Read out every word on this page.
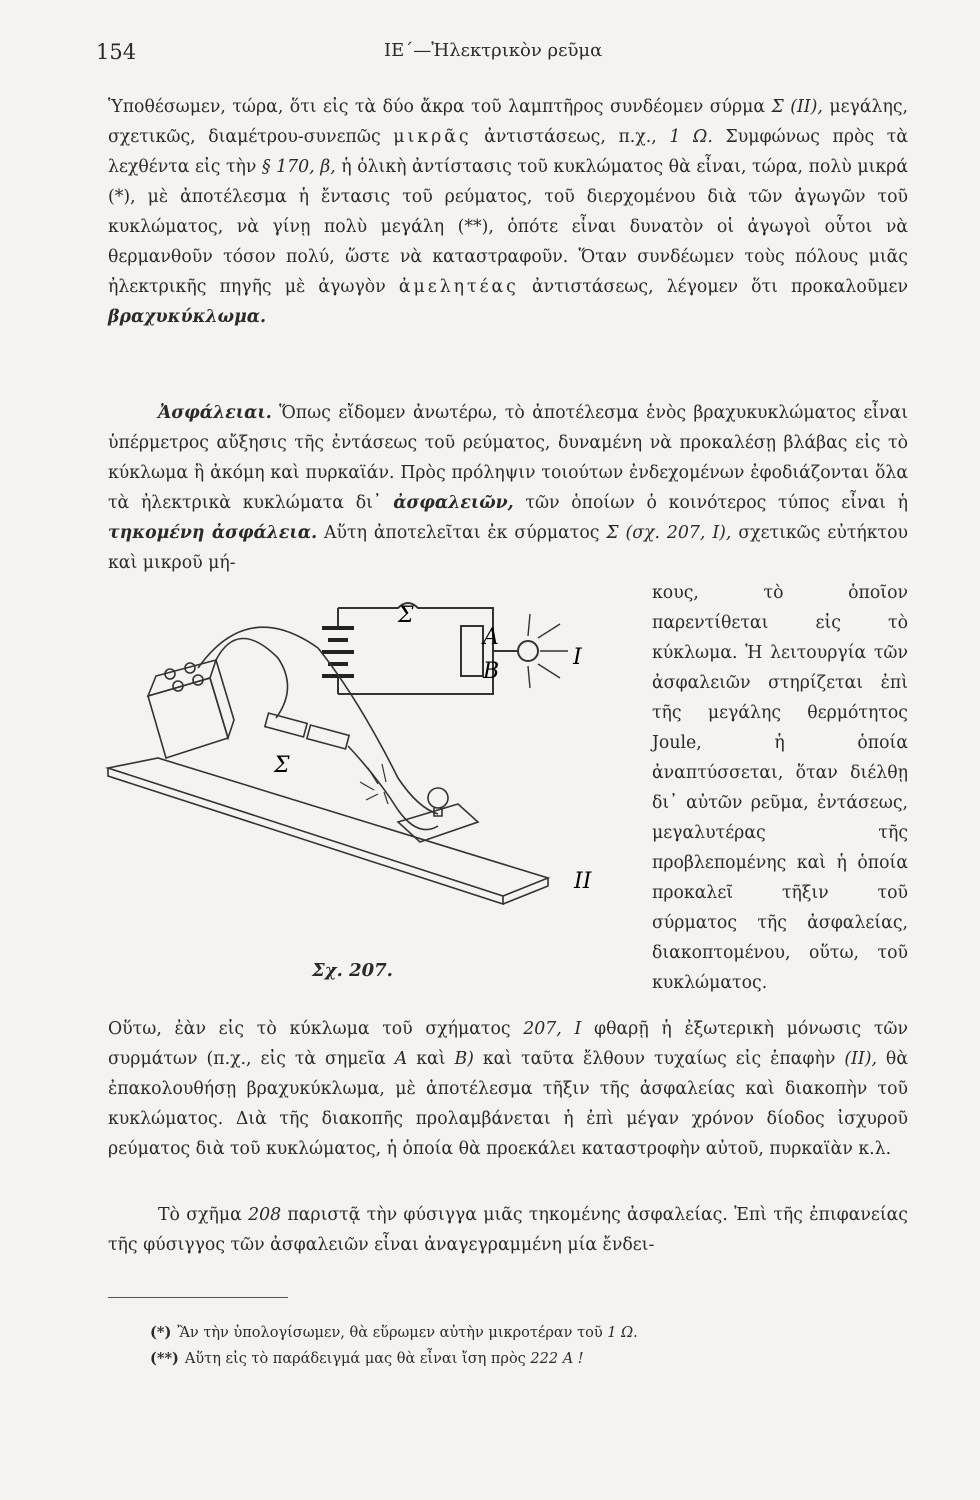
154	ΙΕ΄—Ἠλεκτρικὸν ρεῦμα

Ὑποθέσωμεν, τώρα, ὅτι εἰς τὰ δύο ἄκρα τοῦ λαμπτῆρος συνδέομεν σύρμα Σ (ΙΙ), μεγάλης, σχετικῶς, διαμέτρου-συνεπῶς μικρᾶς ἀντιστάσεως, π.χ., 1 Ω. Συμφώνως πρὸς τὰ λεχθέντα εἰς τὴν § 170, β, ἡ ὁλικὴ ἀντίστασις τοῦ κυκλώματος θὰ εἶναι, τώρα, πολὺ μικρά (*), μὲ ἀποτέλεσμα ἡ ἔντασις τοῦ ρεύματος, τοῦ διερχομένου διὰ τῶν ἀγωγῶν τοῦ κυκλώματος, νὰ γίνῃ πολὺ μεγάλη (**), ὁπότε εἶναι δυνατὸν οἱ ἀγωγοὶ οὗτοι νὰ θερμανθοῦν τόσον πολύ, ὥστε νὰ καταστραφοῦν. Ὅταν συνδέωμεν τοὺς πόλους μιᾶς ἠλεκτρικῆς πηγῆς μὲ ἀγωγὸν ἀμελητέας ἀντιστάσεως, λέγομεν ὅτι προκαλοῦμεν βραχυκύκλωμα.

Ἀσφάλειαι. Ὅπως εἴδομεν ἀνωτέρω, τὸ ἀποτέλεσμα ἑνὸς βραχυκυκλώματος εἶναι ὑπέρμετρος αὔξησις τῆς ἐντάσεως τοῦ ρεύματος, δυναμένη νὰ προκαλέσῃ βλάβας εἰς τὸ κύκλωμα ἢ ἀκόμη καὶ πυρκαϊάν. Πρὸς πρόληψιν τοιούτων ἐνδεχομένων ἐφοδιάζονται ὅλα τὰ ἠλεκτρικὰ κυκλώματα δι᾽ ἀσφαλειῶν, τῶν ὁποίων ὁ κοινότερος τύπος εἶναι ἡ τηκομένη ἀσφάλεια. Αὕτη ἀποτελεῖται ἐκ σύρματος Σ (σχ. 207, Ι), σχετικῶς εὐτήκτου καὶ μικροῦ μή-

Σ
A
B
Ι
Σ
ΙΙ
Σχ. 207.
κους, τὸ ὁποῖον παρεντίθεται εἰς τὸ κύκλωμα. Ἡ λειτουργία τῶν ἀσφαλειῶν στηρίζεται ἐπὶ τῆς μεγάλης θερμότητος Joule, ἡ ὁποία ἀναπτύσσεται, ὅταν διέλθῃ δι᾽ αὐτῶν ρεῦμα, ἐντάσεως, μεγαλυτέρας τῆς προβλεπομένης καὶ ἡ ὁποία προκαλεῖ τῆξιν τοῦ σύρματος τῆς ἀσφαλείας, διακοπτομένου, οὕτω, τοῦ κυκλώματος.

Οὕτω, ἐὰν εἰς τὸ κύκλωμα τοῦ σχήματος 207, Ι φθαρῇ ἡ ἐξωτερικὴ μόνωσις τῶν συρμάτων (π.χ., εἰς τὰ σημεῖα Α καὶ Β) καὶ ταῦτα ἔλθουν τυχαίως εἰς ἐπαφὴν (ΙΙ), θὰ ἐπακολουθήσῃ βραχυκύκλωμα, μὲ ἀποτέλεσμα τῆξιν τῆς ἀσφαλείας καὶ διακοπὴν τοῦ κυκλώματος. Διὰ τῆς διακοπῆς προλαμβάνεται ἡ ἐπὶ μέγαν χρόνον δίοδος ἰσχυροῦ ρεύματος διὰ τοῦ κυκλώματος, ἡ ὁποία θὰ προεκάλει καταστροφὴν αὐτοῦ, πυρκαϊὰν κ.λ.

Τὸ σχῆμα 208 παριστᾷ τὴν φύσιγγα μιᾶς τηκομένης ἀσφαλείας. Ἐπὶ τῆς ἐπιφανείας τῆς φύσιγγος τῶν ἀσφαλειῶν εἶναι ἀναγεγραμμένη μία ἔνδει-

(*) Ἂν τὴν ὑπολογίσωμεν, θὰ εὕρωμεν αὐτὴν μικροτέραν τοῦ 1 Ω.
(**) Αὕτη εἰς τὸ παράδειγμά μας θὰ εἶναι ἴση πρὸς 222 Α !
